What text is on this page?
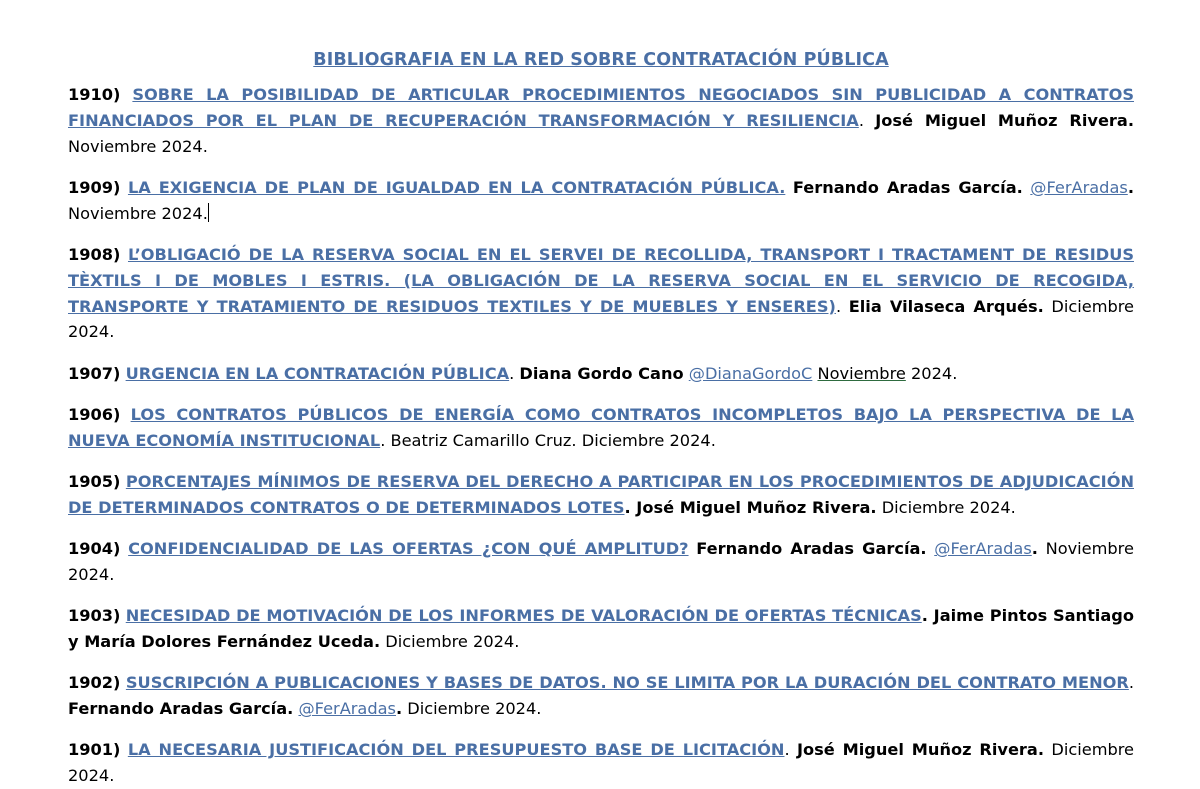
BIBLIOGRAFIA EN LA RED SOBRE CONTRATACIÓN PÚBLICA

1910) SOBRE LA POSIBILIDAD DE ARTICULAR PROCEDIMIENTOS NEGOCIADOS SIN PUBLICIDAD A CONTRATOS FINANCIADOS POR EL PLAN DE RECUPERACIÓN TRANSFORMACIÓN Y RESILIENCIA. José Miguel Muñoz Rivera. Noviembre 2024.

1909) LA EXIGENCIA DE PLAN DE IGUALDAD EN LA CONTRATACIÓN PÚBLICA. Fernando Aradas García. @FerAradas. Noviembre 2024.

1908) L’OBLIGACIÓ DE LA RESERVA SOCIAL EN EL SERVEI DE RECOLLIDA, TRANSPORT I TRACTAMENT DE RESIDUS TÈXTILS I DE MOBLES I ESTRIS. (LA OBLIGACIÓN DE LA RESERVA SOCIAL EN EL SERVICIO DE RECOGIDA, TRANSPORTE Y TRATAMIENTO DE RESIDUOS TEXTILES Y DE MUEBLES Y ENSERES). Elia Vilaseca Arqués. Diciembre 2024.

1907) URGENCIA EN LA CONTRATACIÓN PÚBLICA. Diana Gordo Cano @DianaGordoC Noviembre 2024.

1906) LOS CONTRATOS PÚBLICOS DE ENERGÍA COMO CONTRATOS INCOMPLETOS BAJO LA PERSPECTIVA DE LA NUEVA ECONOMÍA INSTITUCIONAL. Beatriz Camarillo Cruz. Diciembre 2024.

1905) PORCENTAJES MÍNIMOS DE RESERVA DEL DERECHO A PARTICIPAR EN LOS PROCEDIMIENTOS DE ADJUDICACIÓN DE DETERMINADOS CONTRATOS O DE DETERMINADOS LOTES. José Miguel Muñoz Rivera. Diciembre 2024.

1904) CONFIDENCIALIDAD DE LAS OFERTAS ¿CON QUÉ AMPLITUD? Fernando Aradas García. @FerAradas. Noviembre 2024.

1903) NECESIDAD DE MOTIVACIÓN DE LOS INFORMES DE VALORACIÓN DE OFERTAS TÉCNICAS. Jaime Pintos Santiago y María Dolores Fernández Uceda. Diciembre 2024.

1902) SUSCRIPCIÓN A PUBLICACIONES Y BASES DE DATOS. NO SE LIMITA POR LA DURACIÓN DEL CONTRATO MENOR. Fernando Aradas García. @FerAradas. Diciembre 2024.

1901) LA NECESARIA JUSTIFICACIÓN DEL PRESUPUESTO BASE DE LICITACIÓN. José Miguel Muñoz Rivera. Diciembre 2024.
